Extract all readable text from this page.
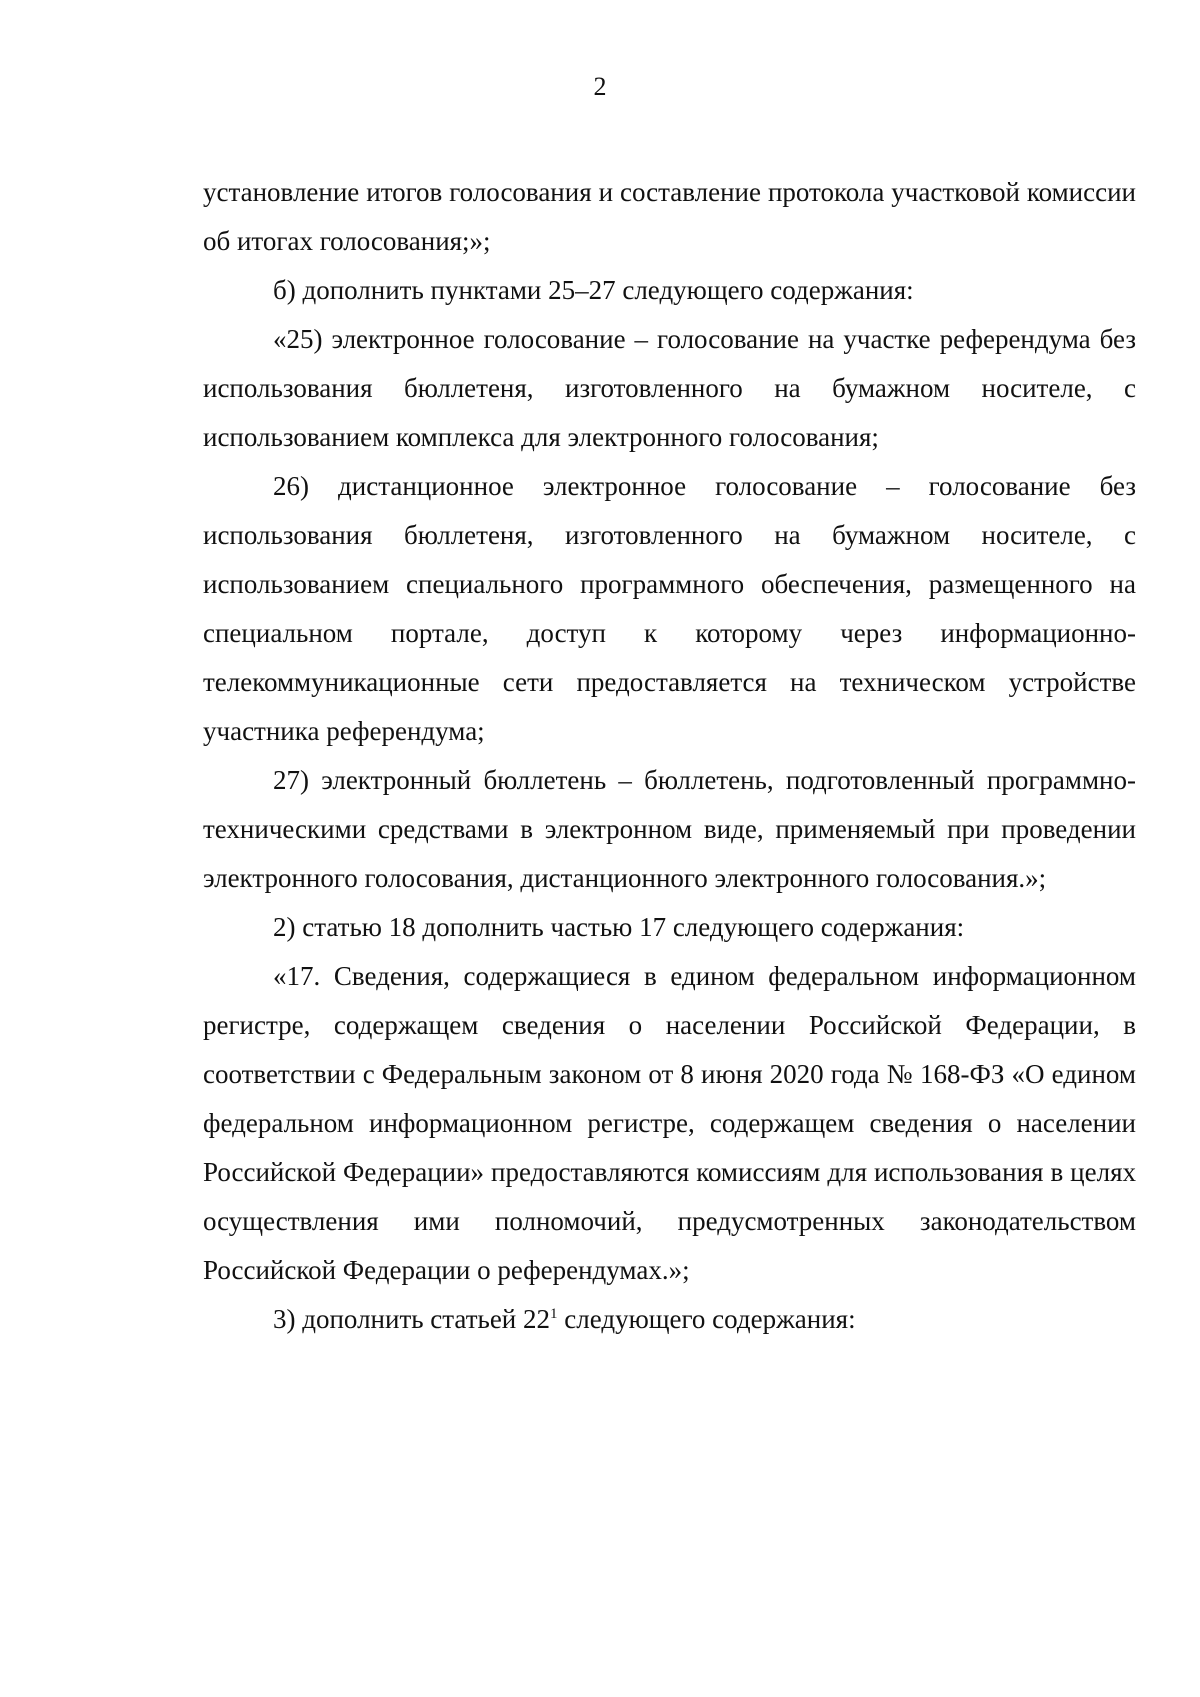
2

установление итогов голосования и составление протокола участковой комиссии об итогах голосования;»;

б) дополнить пунктами 25–27 следующего содержания:

«25) электронное голосование – голосование на участке референдума без использования бюллетеня, изготовленного на бумажном носителе, с использованием комплекса для электронного голосования;

26) дистанционное электронное голосование – голосование без использования бюллетеня, изготовленного на бумажном носителе, с использованием специального программного обеспечения, размещенного на специальном портале, доступ к которому через информационно-телекоммуникационные сети предоставляется на техническом устройстве участника референдума;

27) электронный бюллетень – бюллетень, подготовленный программно-техническими средствами в электронном виде, применяемый при проведении электронного голосования, дистанционного электронного голосования.»;

2) статью 18 дополнить частью 17 следующего содержания:

«17. Сведения, содержащиеся в едином федеральном информационном регистре, содержащем сведения о населении Российской Федерации, в соответствии с Федеральным законом от 8 июня 2020 года № 168-ФЗ «О едином федеральном информационном регистре, содержащем сведения о населении Российской Федерации» предоставляются комиссиям для использования в целях осуществления ими полномочий, предусмотренных законодательством Российской Федерации о референдумах.»;

3) дополнить статьей $22^1$ следующего содержания:
